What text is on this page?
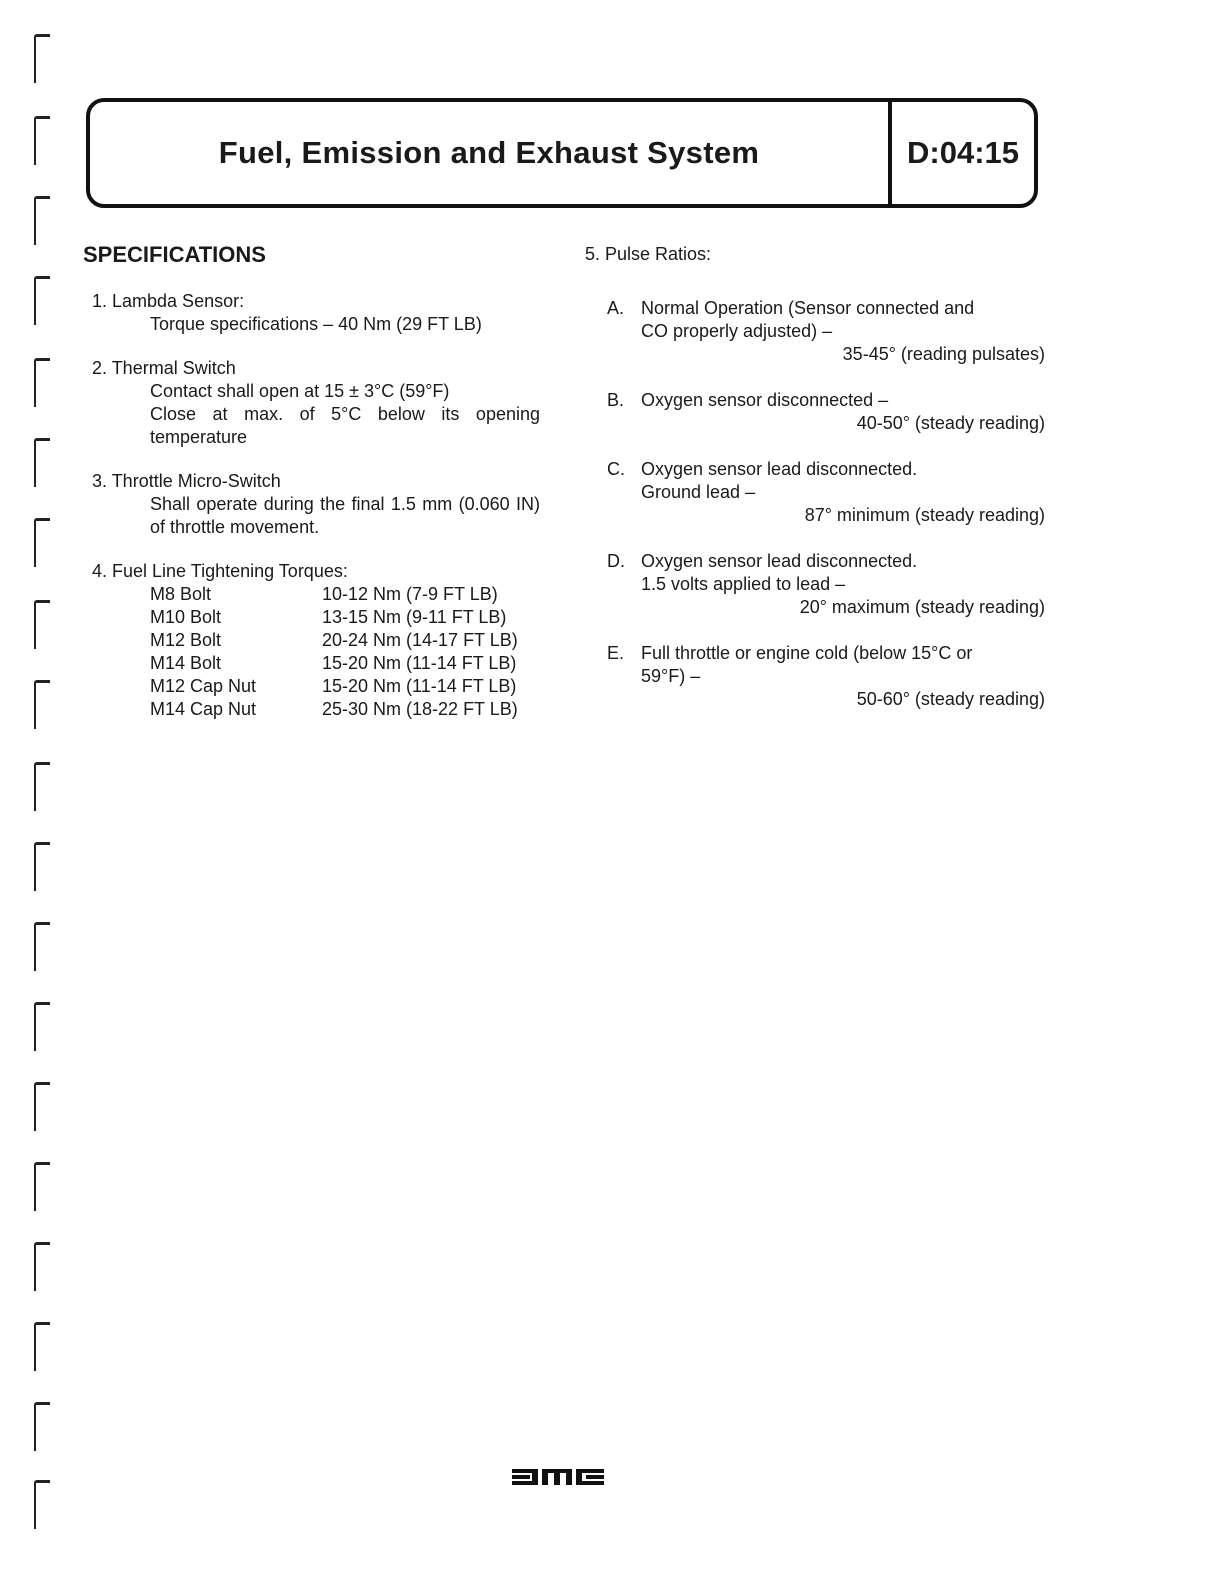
Fuel, Emission and Exhaust System	D:04:15
SPECIFICATIONS
1. Lambda Sensor:
Torque specifications – 40 Nm (29 FT LB)
2. Thermal Switch
Contact shall open at 15 ± 3°C (59°F)
Close at max. of 5°C below its opening temperature
3. Throttle Micro-Switch
Shall operate during the final 1.5 mm (0.060 IN) of throttle movement.
4. Fuel Line Tightening Torques:
M8 Bolt	10-12 Nm (7-9 FT LB)
M10 Bolt	13-15 Nm (9-11 FT LB)
M12 Bolt	20-24 Nm (14-17 FT LB)
M14 Bolt	15-20 Nm (11-14 FT LB)
M12 Cap Nut	15-20 Nm (11-14 FT LB)
M14 Cap Nut	25-30 Nm (18-22 FT LB)
5. Pulse Ratios:
A. Normal Operation (Sensor connected and
CO properly adjusted) –
35-45° (reading pulsates)
B. Oxygen sensor disconnected –
40-50° (steady reading)
C. Oxygen sensor lead disconnected.
Ground lead –
87° minimum (steady reading)
D. Oxygen sensor lead disconnected.
1.5 volts applied to lead –
20° maximum (steady reading)
E. Full throttle or engine cold (below 15°C or
59°F) –
50-60° (steady reading)
